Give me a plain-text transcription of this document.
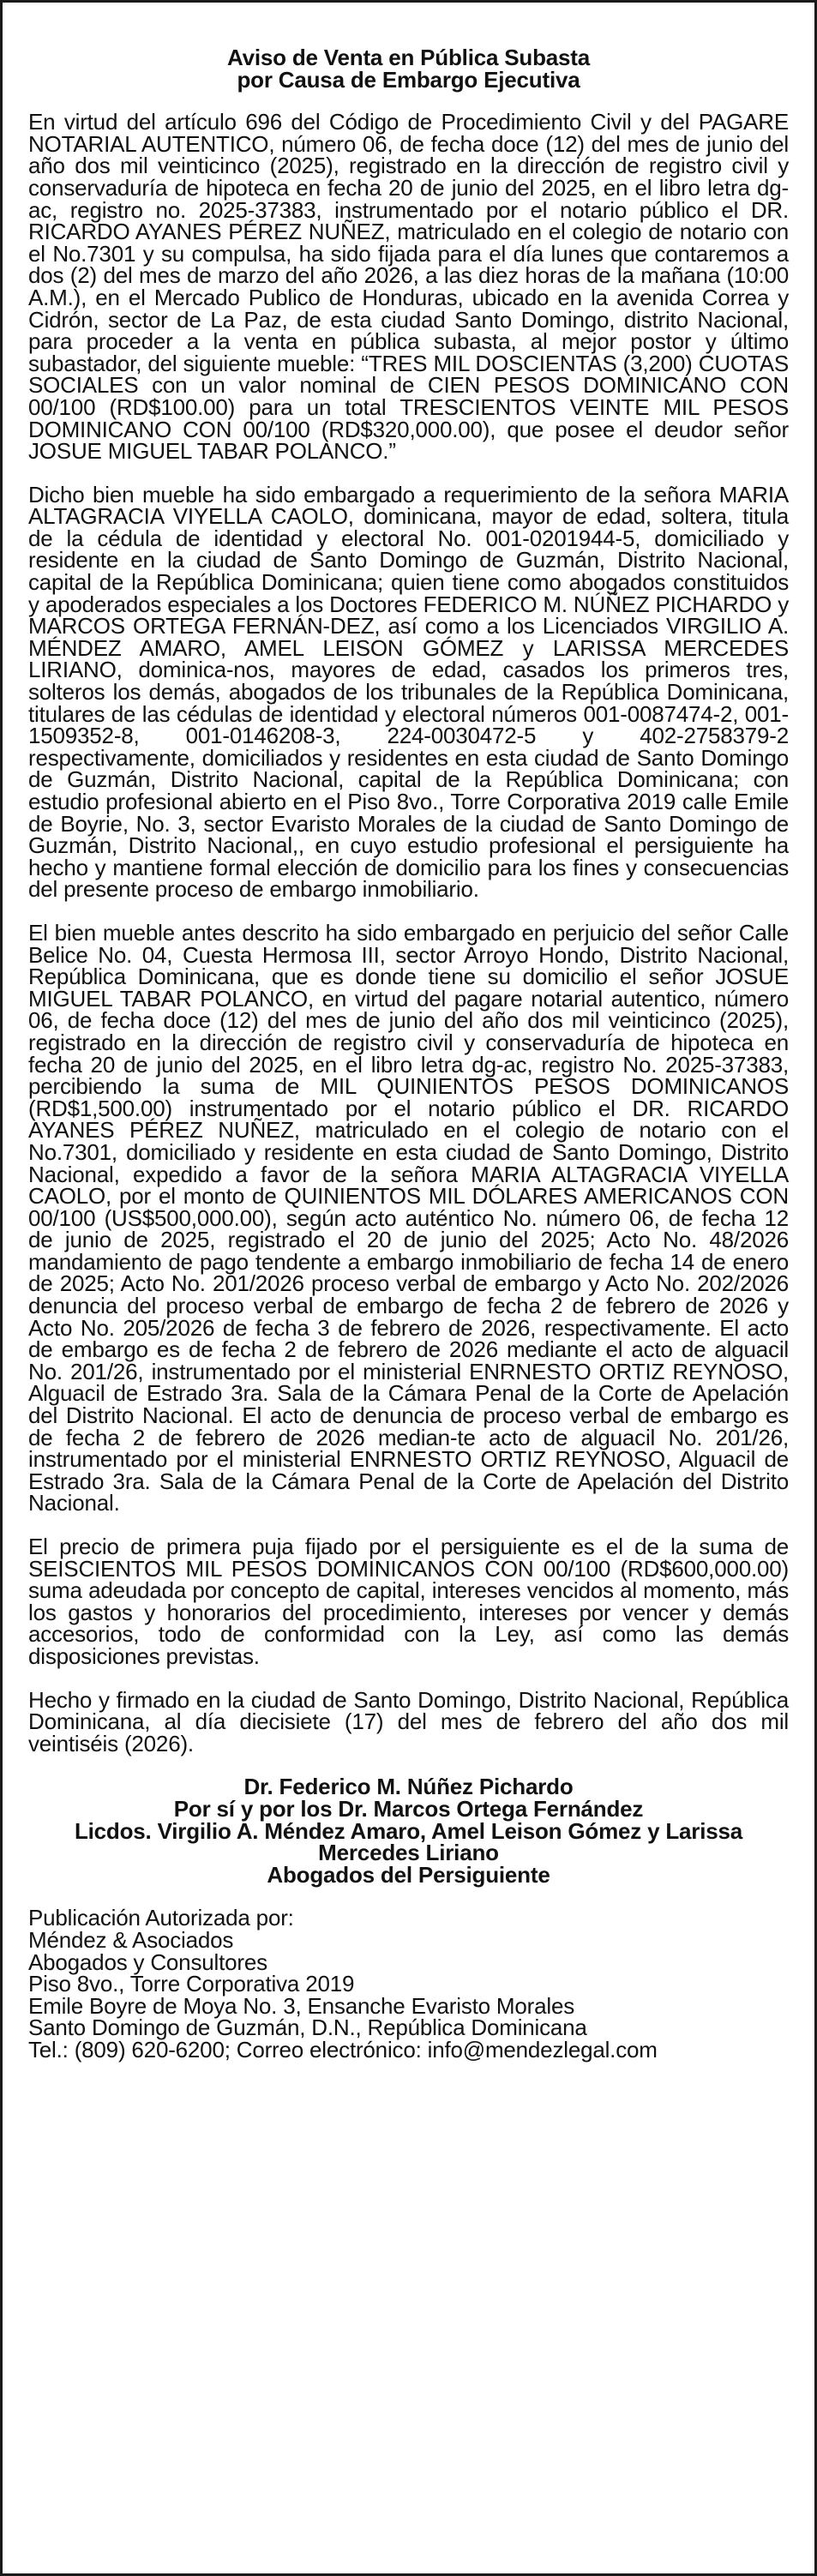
Aviso de Venta en Pública Subasta

por Causa de Embargo Ejecutiva

En virtud del artículo 696 del Código de Procedimiento Civil y del PAGARE NOTARIAL AUTENTICO, número 06, de fecha doce (12) del mes de junio del año dos mil veinticinco (2025), registrado en la dirección de registro civil y conservaduría de hipoteca en fecha 20 de junio del 2025, en el libro letra dg-ac, registro no. 2025-37383, instrumentado por el notario público el DR. RICARDO AYANES PÉREZ NUÑEZ, matriculado en el colegio de notario con el No.7301 y su compulsa, ha sido fijada para el día lunes que contaremos a dos (2) del mes de marzo del año 2026, a las diez horas de la mañana (10:00 A.M.), en el Mercado Publico de Honduras, ubicado en la avenida Correa y Cidrón, sector de La Paz, de esta ciudad Santo Domingo, distrito Nacional, para proceder a la venta en pública subasta, al mejor postor y último subastador, del siguiente mueble: “TRES MIL DOSCIENTAS (3,200) CUOTAS SOCIALES con un valor nominal de CIEN PESOS DOMINICANO CON 00/100 (RD$100.00) para un total TRESCIENTOS VEINTE MIL PESOS DOMINICANO CON 00/100 (RD$320,000.00), que posee el deudor señor JOSUE MIGUEL TABAR POLANCO.”

Dicho bien mueble ha sido embargado a requerimiento de la señora MARIA ALTAGRACIA VIYELLA CAOLO, dominicana, mayor de edad, soltera, titula de la cédula de identidad y electoral No. 001-0201944-5, domiciliado y residente en la ciudad de Santo Domingo de Guzmán, Distrito Nacional, capital de la República Dominicana; quien tiene como abogados constituidos y apoderados especiales a los Doctores FEDERICO M. NÚÑEZ PICHARDO y MARCOS ORTEGA FERNÁN-DEZ, así como a los Licenciados VIRGILIO A. MÉNDEZ AMARO, AMEL LEISON GÓMEZ y LARISSA MERCEDES LIRIANO, dominica-nos, mayores de edad, casados los primeros tres, solteros los demás, abogados de los tribunales de la República Dominicana, titulares de las cédulas de identidad y electoral números 001-0087474-2, 001-1509352-8, 001-0146208-3, 224-0030472-5 y 402-2758379-2 respectivamente, domiciliados y residentes en esta ciudad de Santo Domingo de Guzmán, Distrito Nacional, capital de la República Dominicana; con estudio profesional abierto en el Piso 8vo., Torre Corporativa 2019 calle Emile de Boyrie, No. 3, sector Evaristo Morales de la ciudad de Santo Domingo de Guzmán, Distrito Nacional,, en cuyo estudio profesional el persiguiente ha hecho y mantiene formal elección de domicilio para los fines y consecuencias del presente proceso de embargo inmobiliario.

El bien mueble antes descrito ha sido embargado en perjuicio del señor Calle Belice No. 04, Cuesta Hermosa III, sector Arroyo Hondo, Distrito Nacional, República Dominicana, que es donde tiene su domicilio el señor JOSUE MIGUEL TABAR POLANCO, en virtud del pagare notarial autentico, número 06, de fecha doce (12) del mes de junio del año dos mil veinticinco (2025), registrado en la dirección de registro civil y conservaduría de hipoteca en fecha 20 de junio del 2025, en el libro letra dg-ac, registro No. 2025-37383, percibiendo la suma de MIL QUINIENTOS PESOS DOMINICANOS (RD$1,500.00) instrumentado por el notario público el DR. RICARDO AYANES PÉREZ NUÑEZ, matriculado en el colegio de notario con el No.7301, domiciliado y residente en esta ciudad de Santo Domingo, Distrito Nacional, expedido a favor de la señora MARIA ALTAGRACIA VIYELLA CAOLO, por el monto de QUINIENTOS MIL DÓLARES AMERICANOS CON 00/100 (US$500,000.00), según acto auténtico No. número 06, de fecha 12 de junio de 2025, registrado el 20 de junio del 2025; Acto No. 48/2026 mandamiento de pago tendente a embargo inmobiliario de fecha 14 de enero de 2025; Acto No. 201/2026 proceso verbal de embargo y Acto No. 202/2026 denuncia del proceso verbal de embargo de fecha 2 de febrero de 2026 y Acto No. 205/2026 de fecha 3 de febrero de 2026, respectivamente. El acto de embargo es de fecha 2 de febrero de 2026 mediante el acto de alguacil No. 201/26, instrumentado por el ministerial ENRNESTO ORTIZ REYNOSO, Alguacil de Estrado 3ra. Sala de la Cámara Penal de la Corte de Apelación del Distrito Nacional. El acto de denuncia de proceso verbal de embargo es de fecha 2 de febrero de 2026 median-te acto de alguacil No. 201/26, instrumentado por el ministerial ENRNESTO ORTIZ REYNOSO, Alguacil de Estrado 3ra. Sala de la Cámara Penal de la Corte de Apelación del Distrito Nacional.

El precio de primera puja fijado por el persiguiente es el de la suma de SEISCIENTOS MIL PESOS DOMINICANOS CON 00/100 (RD$600,000.00) suma adeudada por concepto de capital, intereses vencidos al momento, más los gastos y honorarios del procedimiento, intereses por vencer y demás accesorios, todo de conformidad con la Ley, así como las demás disposiciones previstas.

Hecho y firmado en la ciudad de Santo Domingo, Distrito Nacional, República Dominicana, al día diecisiete (17) del mes de febrero del año dos mil veintiséis (2026).

Dr. Federico M. Núñez Pichardo
Por sí y por los Dr. Marcos Ortega Fernández
Licdos. Virgilio A. Méndez Amaro, Amel Leison Gómez y Larissa
Mercedes Liriano
Abogados del Persiguiente

Publicación Autorizada por:
Méndez & Asociados
Abogados y Consultores
Piso 8vo., Torre Corporativa 2019
Emile Boyre de Moya No. 3, Ensanche Evaristo Morales
Santo Domingo de Guzmán, D.N., República Dominicana
Tel.: (809) 620-6200; Correo electrónico: info@mendezlegal.com
